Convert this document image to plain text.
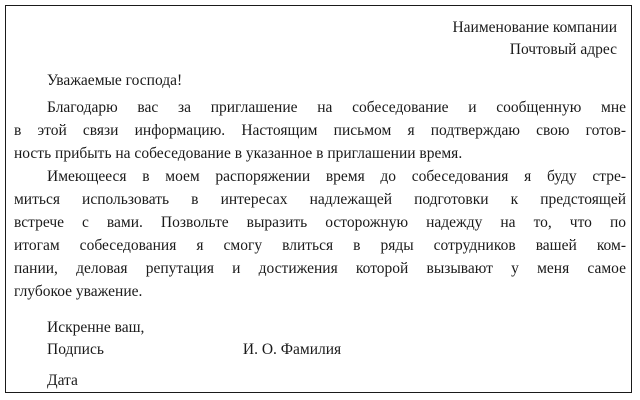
Наименование компании
Почтовый адрес
Уважаемые господа!

Благодарю вас за приглашение на собеседование и сообщенную мне
в этой связи информацию. Настоящим письмом я подтверждаю свою готов-
ность прибыть на собеседование в указанное в приглашении время.

Имеющееся в моем распоряжении время до собеседования я буду стре-
миться использовать в интересах надлежащей подготовки к предстоящей
встрече с вами. Позвольте выразить осторожную надежду на то, что по
итогам собеседования я смогу влиться в ряды сотрудников вашей ком-
пании, деловая репутация и достижения которой вызывают у меня самое
глубокое уважение.

Искренне ваш,
Подпись	И. О. Фамилия
Дата
